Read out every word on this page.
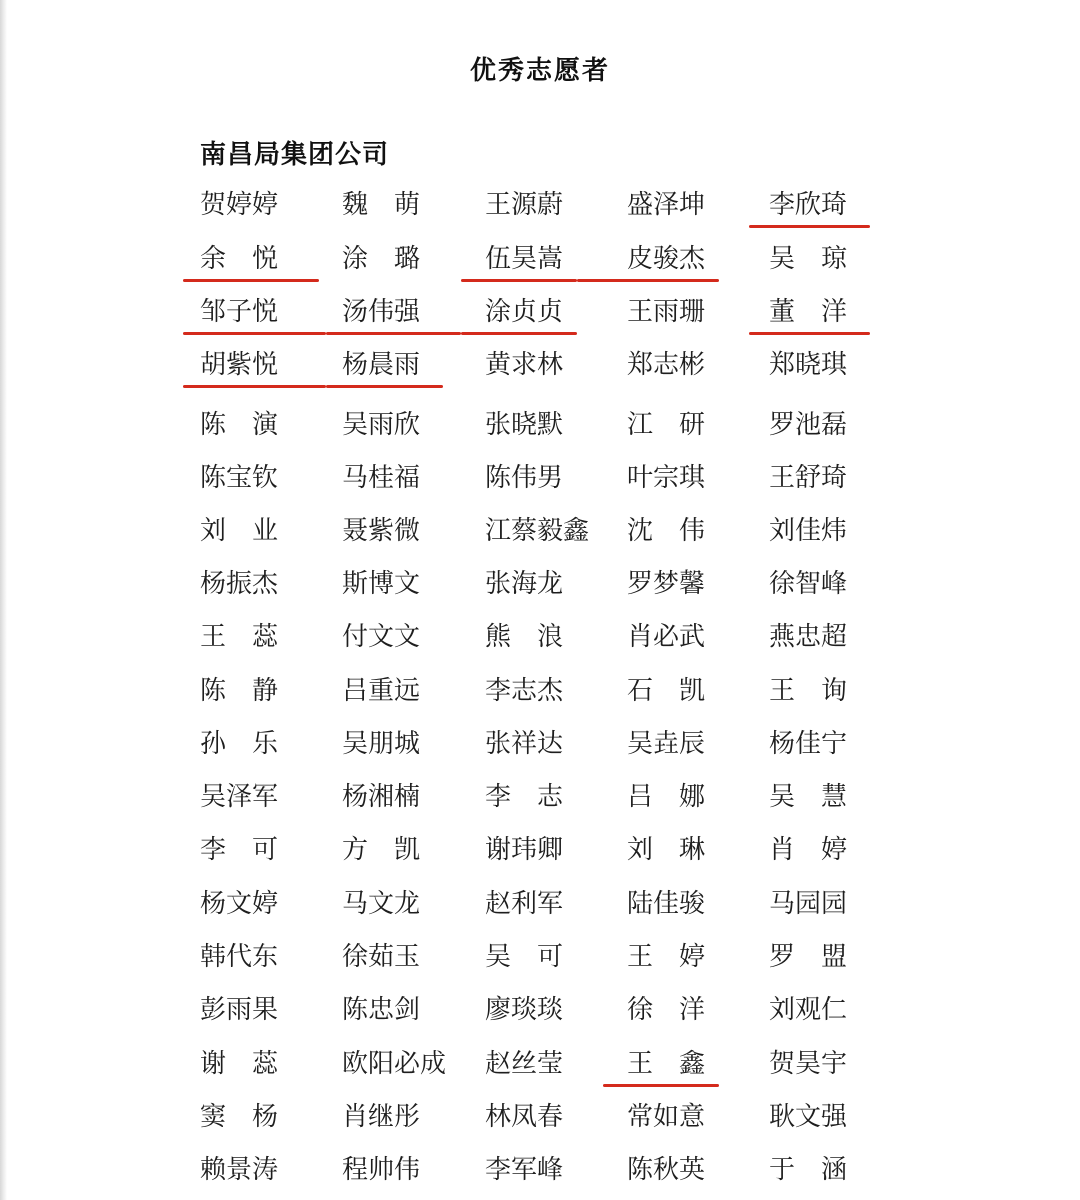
优秀志愿者
南昌局集团公司
贺婷婷 魏　萌 王源蔚 盛泽坤 李欣琦
余　悦 涂　璐 伍昊嵩 皮骏杰 吴　琼
邹子悦 汤伟强 涂贞贞 王雨珊 董　洋
胡紫悦 杨晨雨 黄求林 郑志彬 郑晓琪
陈　演 吴雨欣 张晓默 江　研 罗池磊
陈宝钦 马桂福 陈伟男 叶宗琪 王舒琦
刘　业 聂紫微 江蔡毅鑫 沈　伟 刘佳炜
杨振杰 斯博文 张海龙 罗梦馨 徐智峰
王　蕊 付文文 熊　浪 肖必武 燕忠超
陈　静 吕重远 李志杰 石　凯 王　询
孙　乐 吴朋城 张祥达 吴垚辰 杨佳宁
吴泽军 杨湘楠 李　志 吕　娜 吴　慧
李　可 方　凯 谢玮卿 刘　琳 肖　婷
杨文婷 马文龙 赵利军 陆佳骏 马园园
韩代东 徐茹玉 吴　可 王　婷 罗　盟
彭雨果 陈忠剑 廖琰琰 徐　洋 刘观仁
谢　蕊 欧阳必成 赵丝莹 王　鑫 贺昊宇
窦　杨 肖继彤 林凤春 常如意 耿文强
赖景涛 程帅伟 李军峰 陈秋英 于　涵
